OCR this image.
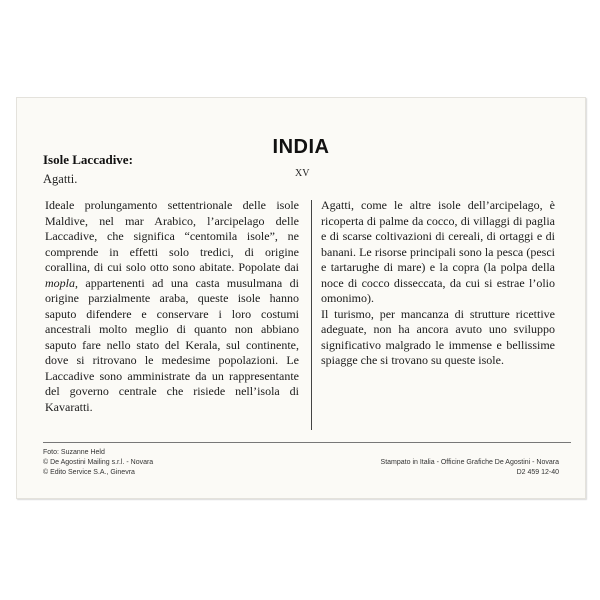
Isole Laccadive:
INDIA
Agatti.	XV

Ideale prolungamento settentrionale delle isole Maldive, nel mar Arabico, l’arcipelago delle Laccadive, che significa “centomila isole”, ne comprende in effetti solo tredici, di origine corallina, di cui solo otto sono abitate. Popolate dai mopla, appartenenti ad una casta musulmana di origine parzialmente araba, queste isole hanno saputo difendere e conservare i loro costumi ancestrali molto meglio di quanto non abbiano saputo fare nello stato del Kerala, sul continente, dove si ritrovano le medesime popolazioni. Le Laccadive sono amministrate da un rappresentante del governo centrale che risiede nell’isola di Kavaratti.

Agatti, come le altre isole dell’arcipelago, è ricoperta di palme da cocco, di villaggi di paglia e di scarse coltivazioni di cereali, di ortaggi e di banani. Le risorse principali sono la pesca (pesci e tartarughe di mare) e la copra (la polpa della noce di cocco disseccata, da cui si estrae l’olio omonimo).

Il turismo, per mancanza di strutture ricettive adeguate, non ha ancora avuto uno sviluppo significativo malgrado le immense e bellissime spiagge che si trovano su queste isole.

Foto: Suzanne Held
© De Agostini Mailing s.r.l. - Novara
© Edito Service S.A., Ginevra
Stampato in Italia - Officine Grafiche De Agostini - Novara
D2 459 12-40
